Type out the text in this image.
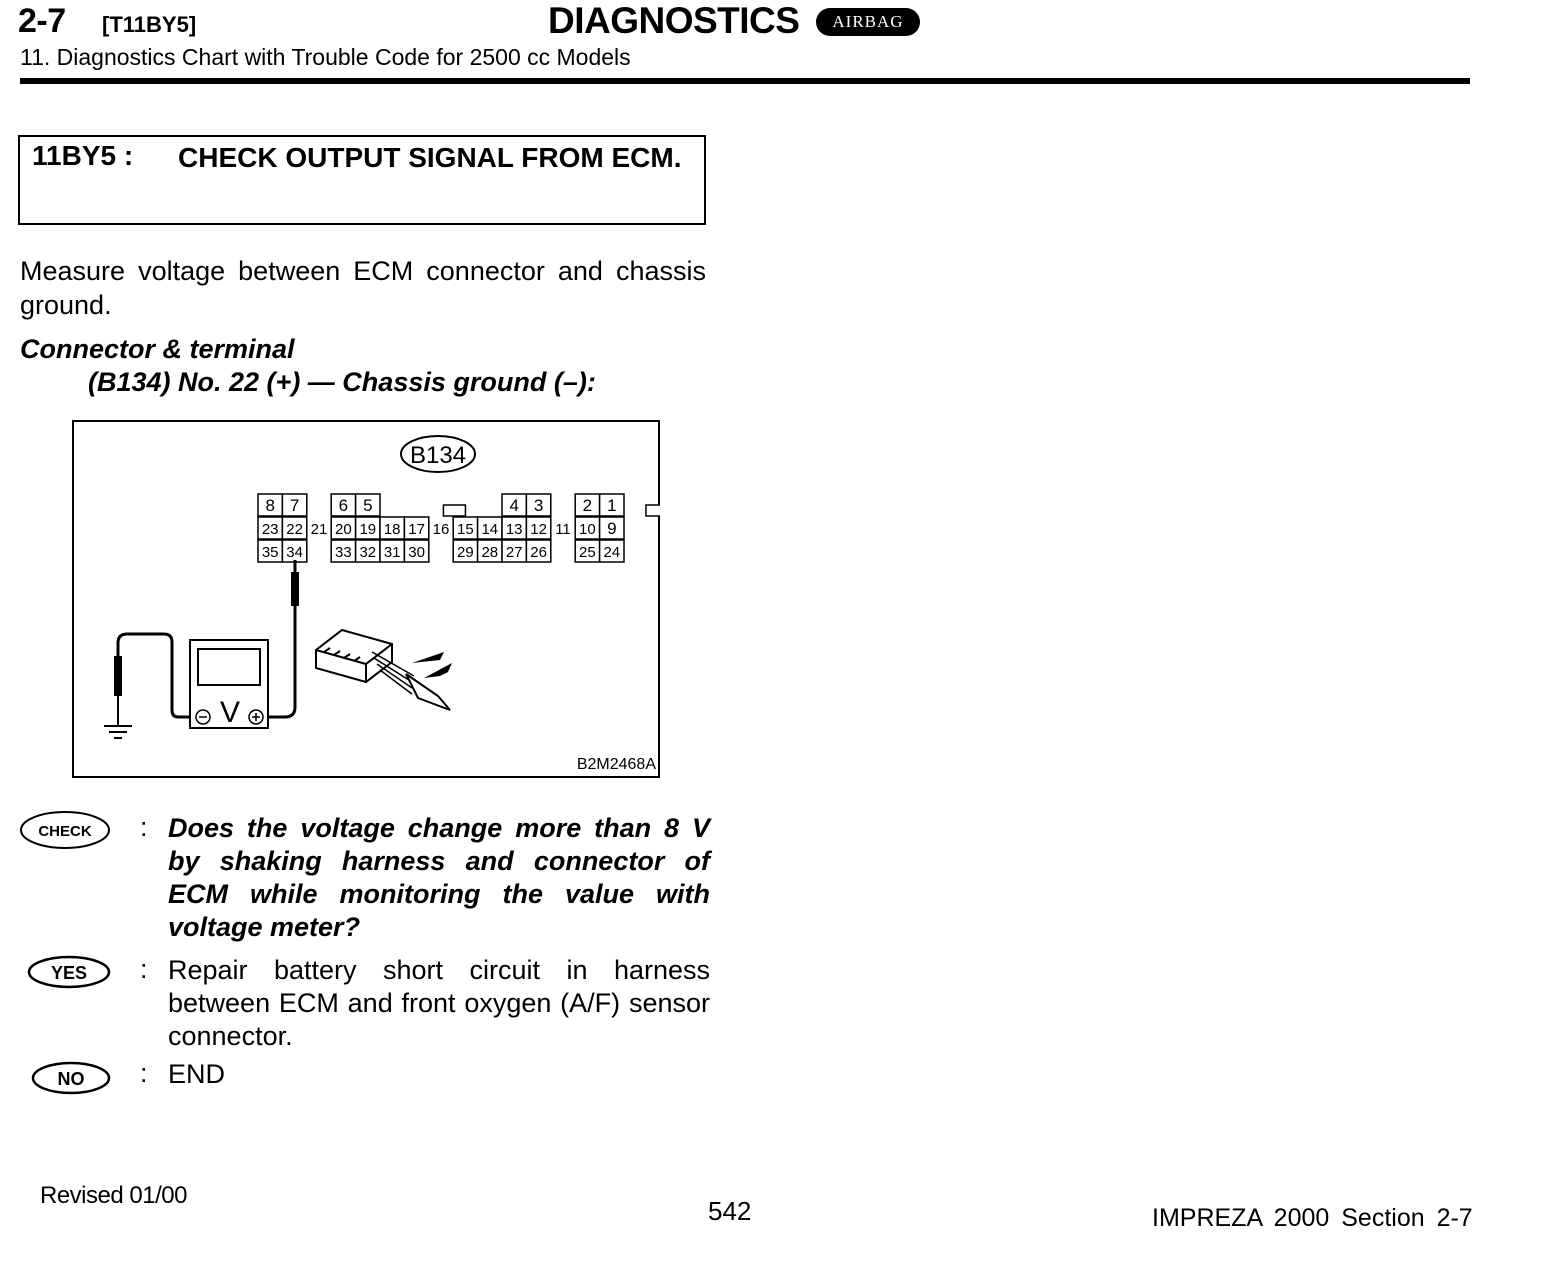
2-7 [T11BY5]	DIAGNOSTICS	AIRBAG
11. Diagnostics Chart with Trouble Code for 2500 cc Models
11BY5 : CHECK OUTPUT SIGNAL FROM ECM.
Measure voltage between ECM connector and chassis ground.
Connector & terminal
(B134) No. 22 (+) — Chassis ground (–):
B134
8 7 6 5	4 3 2 1
23 22 21 20 19 18 17 16 15 14 13 12 11 10 9
35 34 33 32 31 30 29 28 27 26 25 24
V
B2M2468A
CHECK : Does the voltage change more than 8 V by shaking harness and connector of ECM while monitoring the value with voltage meter?
YES : Repair battery short circuit in harness between ECM and front oxygen (A/F) sensor connector.
NO : END
Revised 01/00
542	IMPREZA 2000 Section 2-7
